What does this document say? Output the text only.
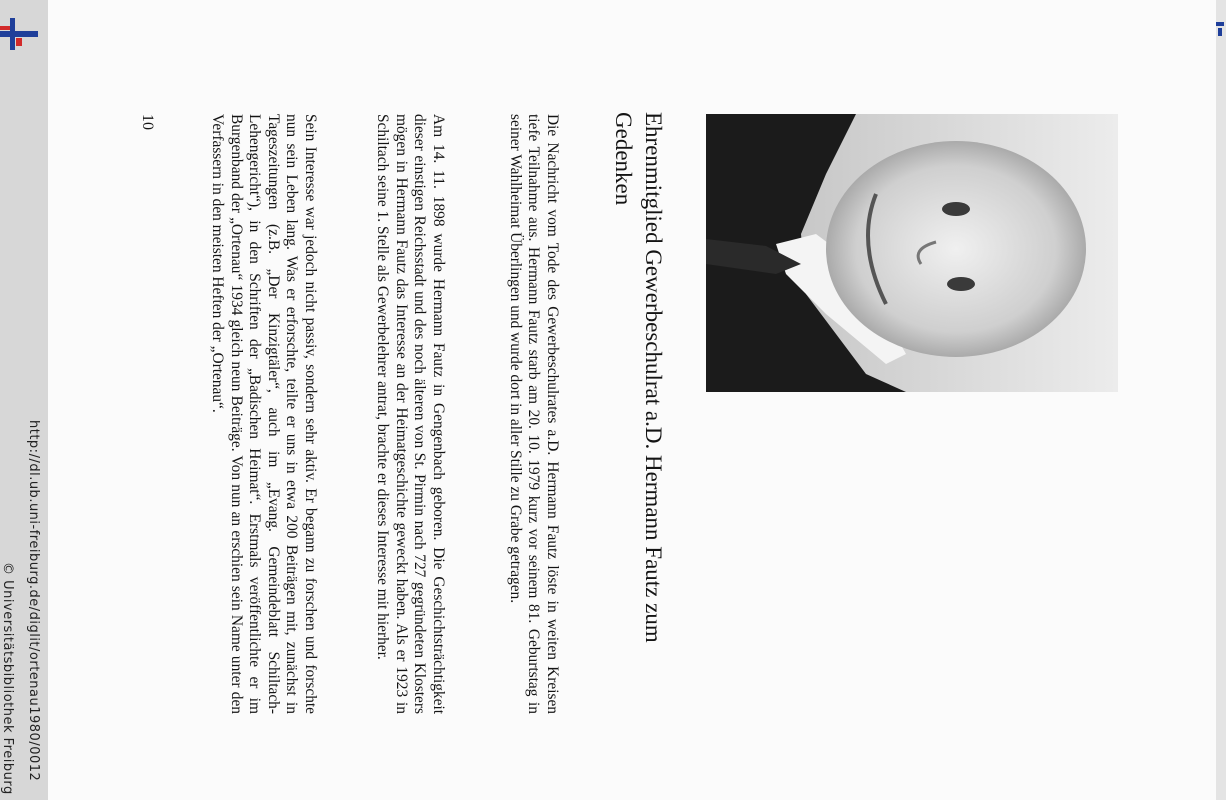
http://dl.ub.uni-freiburg.de/diglit/ortenau1980/0012
© Universitätsbibliothek Freiburg
Ehrenmitglied Gewerbeschulrat a.D. Hermann Fautz zum Gedenken
Die Nachricht vom Tode des Gewerbeschulrates a.D. Hermann Fautz löste in weiten Kreisen tiefe Teilnahme aus. Hermann Fautz starb am 20. 10. 1979 kurz vor seinem 81. Geburtstag in seiner Wahlheimat Überlingen und wurde dort in aller Stille zu Grabe getragen.
Am 14. 11. 1898 wurde Hermann Fautz in Gengenbach geboren. Die Geschichtsträchtigkeit dieser einstigen Reichsstadt und des noch älteren von St. Pirmin nach 727 gegründeten Klosters mögen in Hermann Fautz das Interesse an der Heimatgeschichte geweckt haben. Als er 1923 in Schiltach seine 1. Stelle als Gewerbelehrer antrat, brachte er dieses Interesse mit hierher.
Sein Interesse war jedoch nicht passiv, sondern sehr aktiv. Er begann zu forschen und forschte nun sein Leben lang. Was er erforschte, teilte er uns in etwa 200 Beiträgen mit, zunächst in Tageszeitungen (z.B. „Der Kinzigtäler“, auch im „Evang. Gemeindeblatt Schiltach-Lehengericht“), in den Schriften der „Badischen Heimat“. Erstmals veröffentlichte er im Burgenband der „Ortenau“ 1934 gleich neun Beiträge. Von nun an erschien sein Name unter den Verfassern in den meisten Heften der „Ortenau“.
10
